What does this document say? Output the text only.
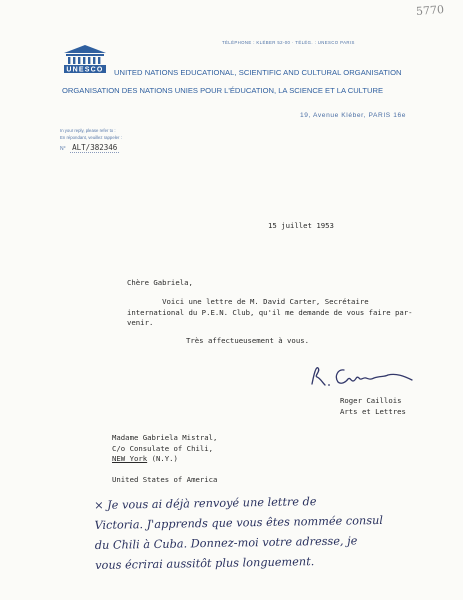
5770
TÉLÉPHONE : KLÉBER 52-00 · TÉLÉG. : UNESCO PARIS
UNESCO UNITED NATIONS EDUCATIONAL, SCIENTIFIC AND CULTURAL ORGANISATION
ORGANISATION DES NATIONS UNIES POUR L'ÉDUCATION, LA SCIENCE ET LA CULTURE
19, Avenue Kléber, PARIS 16e
In your reply, please refer to :
En répondant, veuillez rappeler :
N° ALT/382346
15 juillet 1953
Chère Gabriela,
Voici une lettre de M. David Carter, Secrétaire
international du P.E.N. Club, qu'il me demande de vous faire par-
venir.
Très affectueusement à vous.
Roger Caillois
Arts et Lettres
Madame Gabriela Mistral,
C/o Consulate of Chili,
NEW York (N.Y.)
United States of America
× Je vous ai déjà renvoyé une lettre de
Victoria. J'apprends que vous êtes nommée consul
du Chili à Cuba. Donnez-moi votre adresse, je
vous écrirai aussitôt plus longuement.
